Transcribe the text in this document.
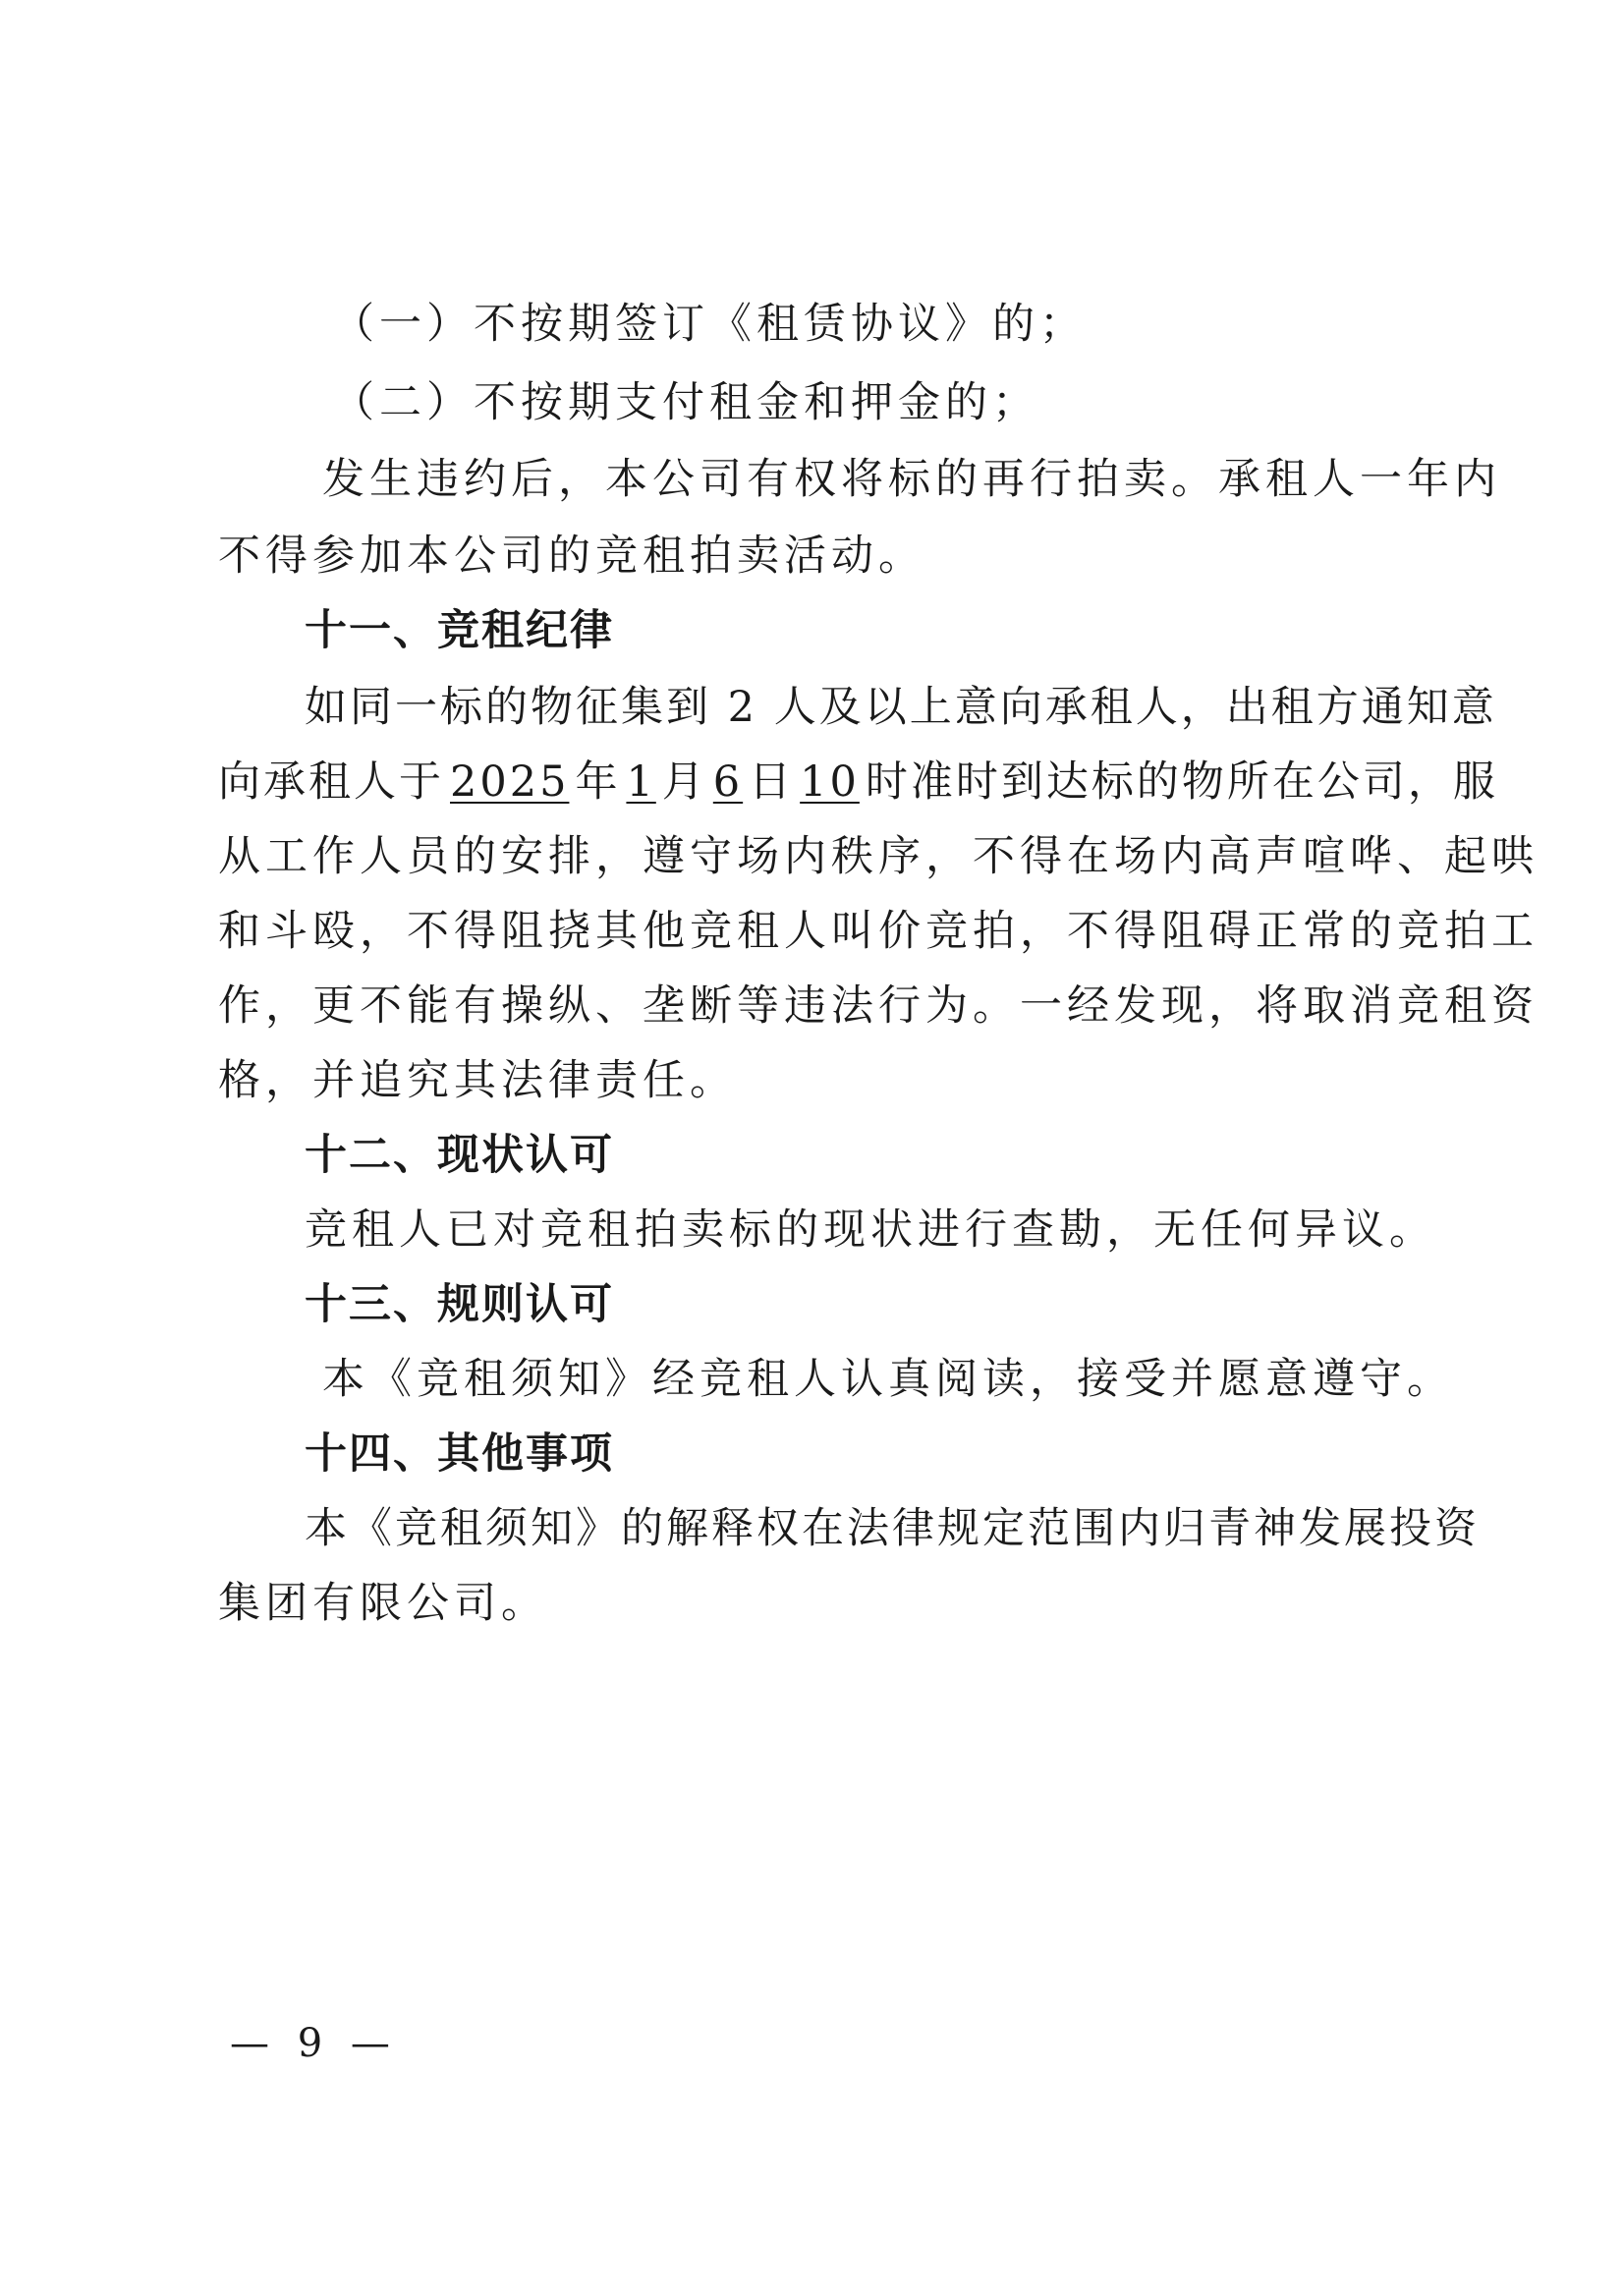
（一）不按期签订《租赁协议》的；
（二）不按期支付租金和押金的；
发生违约后，本公司有权将标的再行拍卖。承租人一年内
不得参加本公司的竞租拍卖活动。
十一、竞租纪律
如同一标的物征集到 2 人及以上意向承租人，出租方通知意
向承租人于 2025 年 1 月 6 日 10 时准时到达标的物所在公司，服
从工作人员的安排，遵守场内秩序，不得在场内高声喧哗、起哄
和斗殴，不得阻挠其他竞租人叫价竞拍，不得阻碍正常的竞拍工
作，更不能有操纵、垄断等违法行为。一经发现，将取消竞租资
格，并追究其法律责任。
十二、现状认可
竞租人已对竞租拍卖标的现状进行查勘，无任何异议。
十三、规则认可
本《竞租须知》经竞租人认真阅读，接受并愿意遵守。
十四、其他事项
本《竞租须知》的解释权在法律规定范围内归青神发展投资
集团有限公司。
— 9 —
